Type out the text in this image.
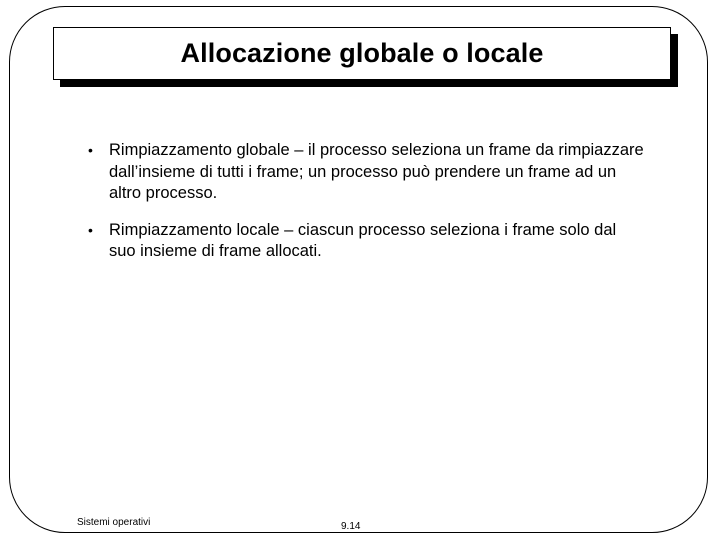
Allocazione globale o locale
• Rimpiazzamento globale – il processo seleziona un frame da rimpiazzare dall’insieme di tutti i frame; un processo può prendere un frame ad un altro processo.
• Rimpiazzamento locale – ciascun processo seleziona i frame solo dal suo insieme di frame allocati.
Sistemi operativi	9.14
